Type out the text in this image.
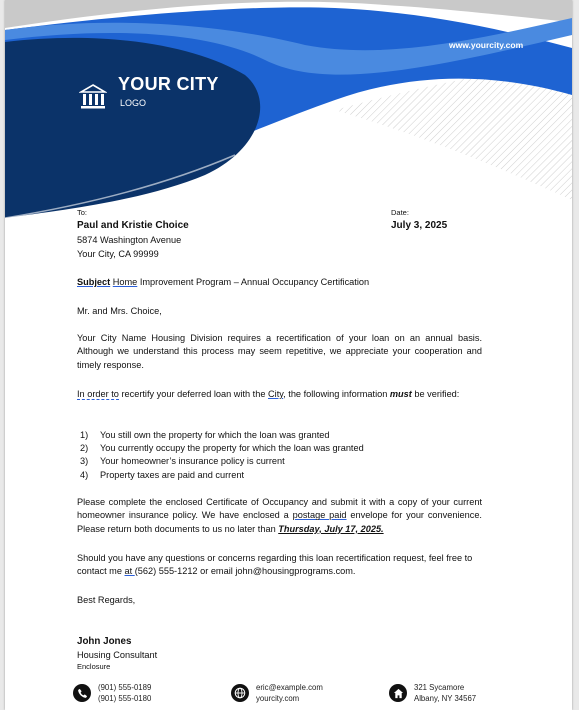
YOUR CITY
LOGO
www.yourcity.com
To:
Paul and Kristie Choice
5874 Washington Avenue
Your City, CA 99999
Date:
July 3, 2025
Subject Home Improvement Program – Annual Occupancy Certification
Mr. and Mrs. Choice,
Your City Name Housing Division requires a recertification of your loan on an annual basis. Although we understand this process may seem repetitive, we appreciate your cooperation and timely response.
In order to recertify your deferred loan with the City, the following information must be verified:
1)	You still own the property for which the loan was granted
2)	You currently occupy the property for which the loan was granted
3)	Your homeowner’s insurance policy is current
4)	Property taxes are paid and current
Please complete the enclosed Certificate of Occupancy and submit it with a copy of your current homeowner insurance policy. We have enclosed a postage paid envelope for your convenience. Please return both documents to us no later than Thursday, July 17, 2025.
Should you have any questions or concerns regarding this loan recertification request, feel free to contact me at (562) 555-1212 or email john@housingprograms.com.
Best Regards,
John Jones
Housing Consultant
Enclosure
(901) 555-0189
(901) 555-0180
eric@example.com
yourcity.com
321 Sycamore
Albany, NY 34567
